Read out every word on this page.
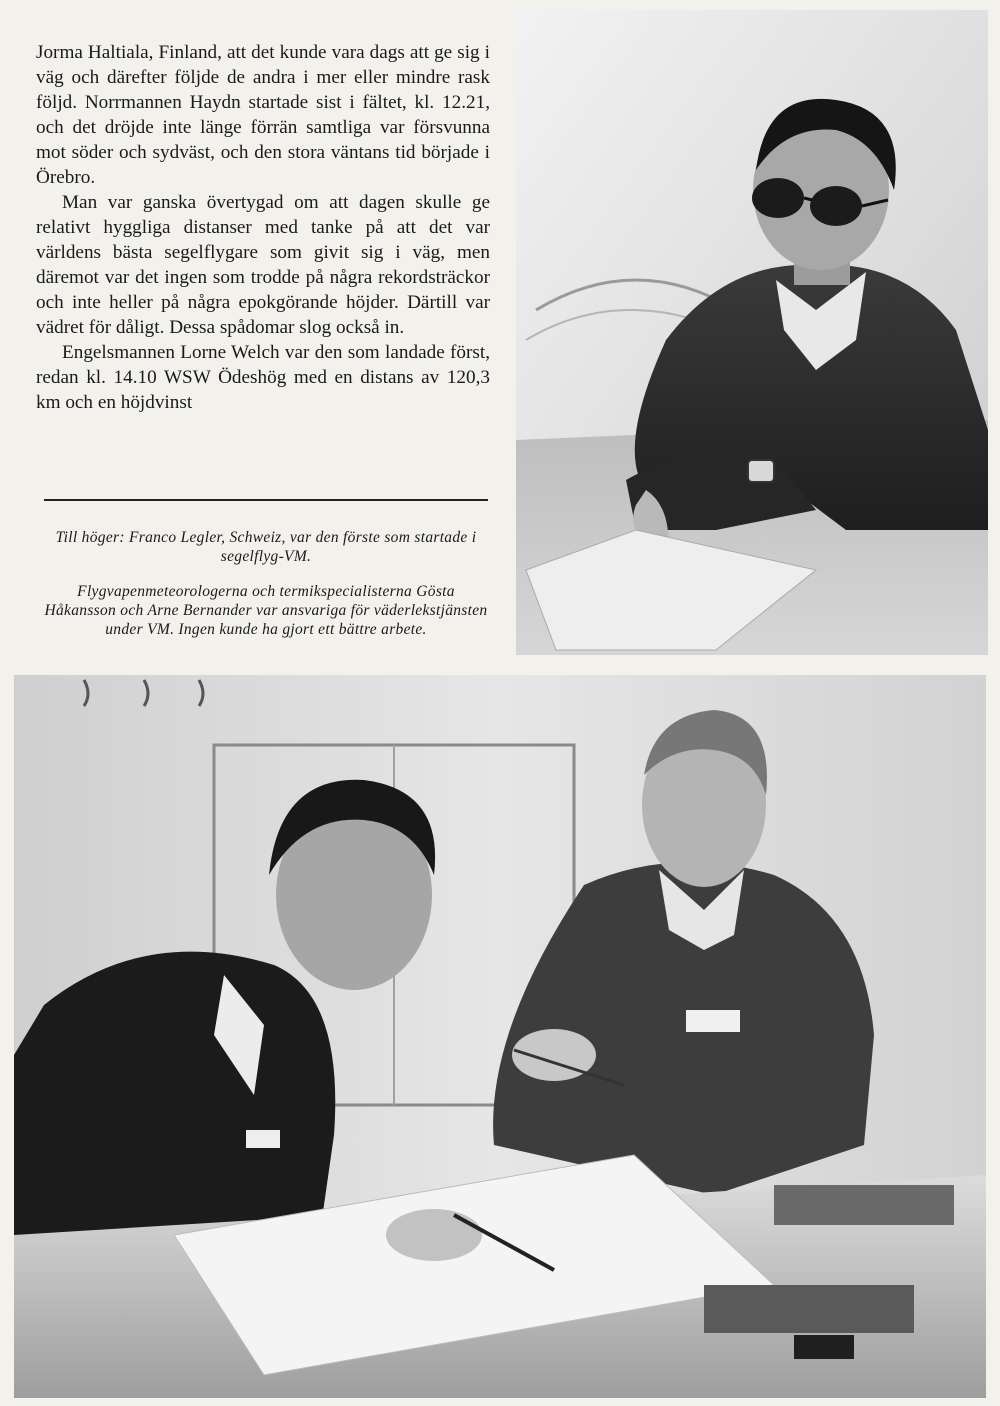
Jorma Haltiala, Finland, att det kunde vara dags att ge sig i väg och därefter följde de andra i mer eller mindre rask följd. Norrmannen Haydn startade sist i fältet, kl. 12.21, och det dröjde inte länge förrän samtliga var försvunna mot söder och sydväst, och den stora väntans tid började i Örebro.

Man var ganska övertygad om att dagen skulle ge relativt hyggliga distanser med tanke på att det var världens bästa segelflygare som givit sig i väg, men däremot var det ingen som trodde på några rekordsträckor och inte heller på några epokgörande höjder. Därtill var vädret för dåligt. Dessa spådomar slog också in.

Engelsmannen Lorne Welch var den som landade först, redan kl. 14.10 WSW Ödeshög med en distans av 120,3 km och en höjdvinst

Till höger: Franco Legler, Schweiz, var den förste som startade i segelflyg-VM.

Flygvapenmeteorologerna och termikspecialisterna Gösta Håkansson och Arne Bernander var ansvariga för väderlekstjänsten under VM. Ingen kunde ha gjort ett bättre arbete.
